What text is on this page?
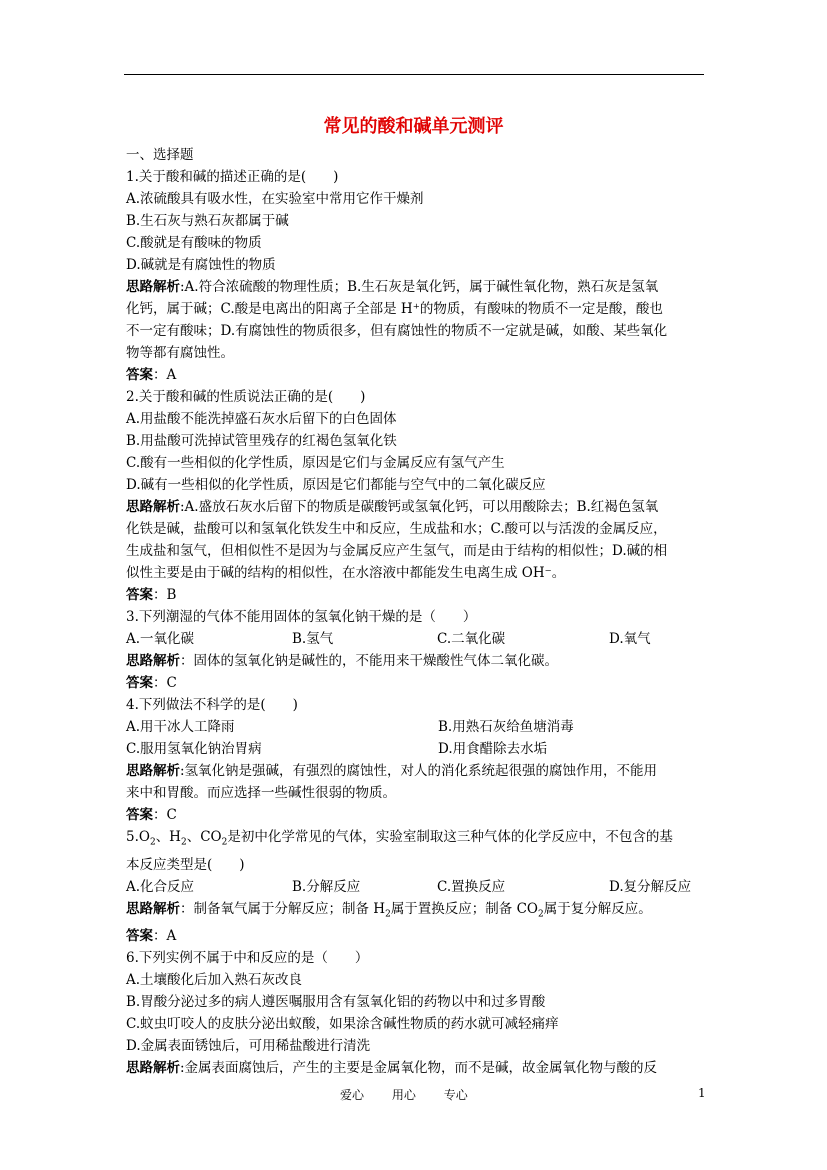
常见的酸和碱单元测评
一、选择题
1.关于酸和碱的描述正确的是(　　)
A.浓硫酸具有吸水性，在实验室中常用它作干燥剂
B.生石灰与熟石灰都属于碱
C.酸就是有酸味的物质
D.碱就是有腐蚀性的物质
思路解析:A.符合浓硫酸的物理性质；B.生石灰是氧化钙，属于碱性氧化物，熟石灰是氢氧
化钙，属于碱；C.酸是电离出的阳离子全部是 H⁺的物质，有酸味的物质不一定是酸，酸也
不一定有酸味；D.有腐蚀性的物质很多，但有腐蚀性的物质不一定就是碱，如酸、某些氧化
物等都有腐蚀性。
答案：A
2.关于酸和碱的性质说法正确的是(　　)
A.用盐酸不能洗掉盛石灰水后留下的白色固体
B.用盐酸可洗掉试管里残存的红褐色氢氧化铁
C.酸有一些相似的化学性质，原因是它们与金属反应有氢气产生
D.碱有一些相似的化学性质，原因是它们都能与空气中的二氧化碳反应
思路解析:A.盛放石灰水后留下的物质是碳酸钙或氢氧化钙，可以用酸除去；B.红褐色氢氧
化铁是碱，盐酸可以和氢氧化铁发生中和反应，生成盐和水；C.酸可以与活泼的金属反应，
生成盐和氢气，但相似性不是因为与金属反应产生氢气，而是由于结构的相似性；D.碱的相
似性主要是由于碱的结构的相似性，在水溶液中都能发生电离生成 OH⁻。
答案：B
3.下列潮湿的气体不能用固体的氢氧化钠干燥的是（　　）
A.一氧化碳	B.氢气	C.二氧化碳	D.氧气
思路解析：固体的氢氧化钠是碱性的，不能用来干燥酸性气体二氧化碳。
答案：C
4.下列做法不科学的是(　　)
A.用干冰人工降雨	B.用熟石灰给鱼塘消毒
C.服用氢氧化钠治胃病	D.用食醋除去水垢
思路解析:氢氧化钠是强碱，有强烈的腐蚀性，对人的消化系统起很强的腐蚀作用，不能用
来中和胃酸。而应选择一些碱性很弱的物质。
答案：C
$5.O_2$、$H_2$、$CO_2$是初中化学常见的气体，实验室制取这三种气体的化学反应中，不包含的基
本反应类型是(　　)
A.化合反应	B.分解反应	C.置换反应	D.复分解反应
思路解析：制备氧气属于分解反应；制备 $H_2$属于置换反应；制备 $CO_2$属于复分解反应。
答案：A
6.下列实例不属于中和反应的是（　　）
A.土壤酸化后加入熟石灰改良
B.胃酸分泌过多的病人遵医嘱服用含有氢氧化铝的药物以中和过多胃酸
C.蚊虫叮咬人的皮肤分泌出蚁酸，如果涂含碱性物质的药水就可减轻痛痒
D.金属表面锈蚀后，可用稀盐酸进行清洗
思路解析:金属表面腐蚀后，产生的主要是金属氧化物，而不是碱，故金属氧化物与酸的反
爱心 用心 专心	1
